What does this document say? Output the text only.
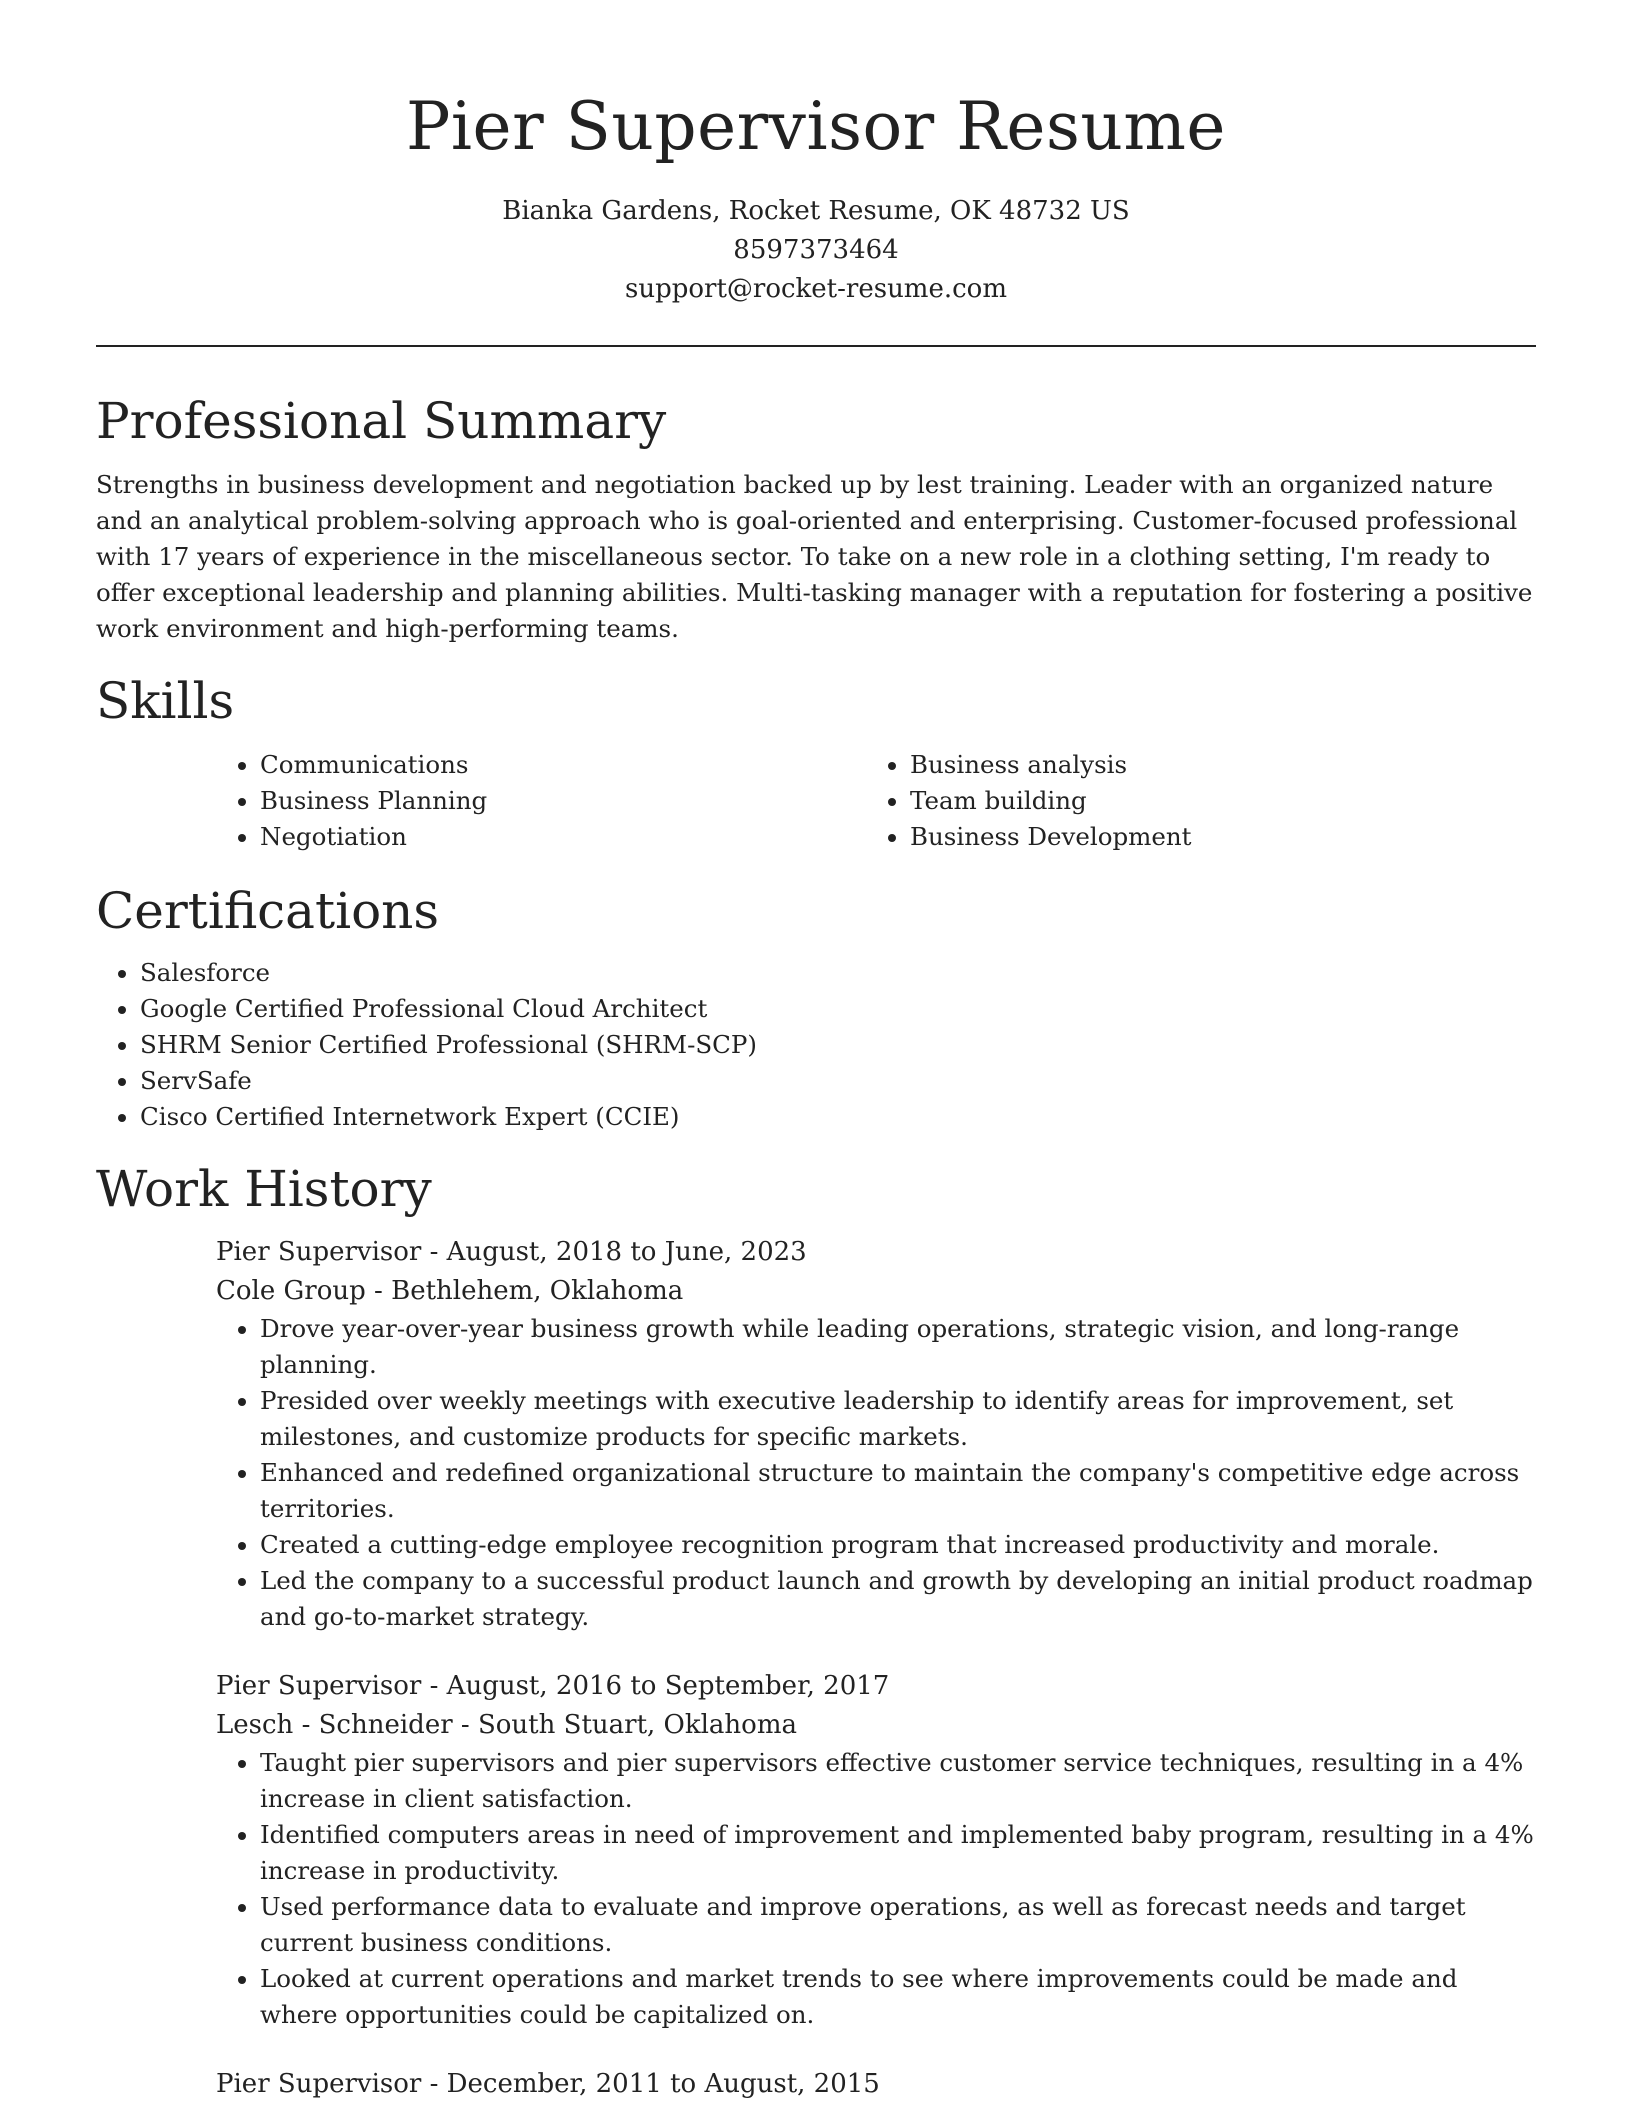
Pier Supervisor Resume

Bianka Gardens, Rocket Resume, OK 48732 US

8597373464

support@rocket-resume.com

Professional Summary

Strengths in business development and negotiation backed up by lest training. Leader with an organized nature and an analytical problem-solving approach who is goal-oriented and enterprising. Customer-focused professional with 17 years of experience in the miscellaneous sector. To take on a new role in a clothing setting, I'm ready to offer exceptional leadership and planning abilities. Multi-tasking manager with a reputation for fostering a positive work environment and high-performing teams.

Skills
• Communications
• Business Planning
• Negotiation
• Business analysis
• Team building
• Business Development
Certifications
• Salesforce
• Google Certified Professional Cloud Architect
• SHRM Senior Certified Professional (SHRM-SCP)
• ServSafe
• Cisco Certified Internetwork Expert (CCIE)
Work History

Pier Supervisor - August, 2018 to June, 2023

Cole Group - Bethlehem, Oklahoma

• Drove year-over-year business growth while leading operations, strategic vision, and long-range planning.
• Presided over weekly meetings with executive leadership to identify areas for improvement, set milestones, and customize products for specific markets.
• Enhanced and redefined organizational structure to maintain the company's competitive edge across territories.
• Created a cutting-edge employee recognition program that increased productivity and morale.
• Led the company to a successful product launch and growth by developing an initial product roadmap and go-to-market strategy.

Pier Supervisor - August, 2016 to September, 2017

Lesch - Schneider - South Stuart, Oklahoma

• Taught pier supervisors and pier supervisors effective customer service techniques, resulting in a 4% increase in client satisfaction.
• Identified computers areas in need of improvement and implemented baby program, resulting in a 4% increase in productivity.
• Used performance data to evaluate and improve operations, as well as forecast needs and target current business conditions.
• Looked at current operations and market trends to see where improvements could be made and where opportunities could be capitalized on.

Pier Supervisor - December, 2011 to August, 2015
